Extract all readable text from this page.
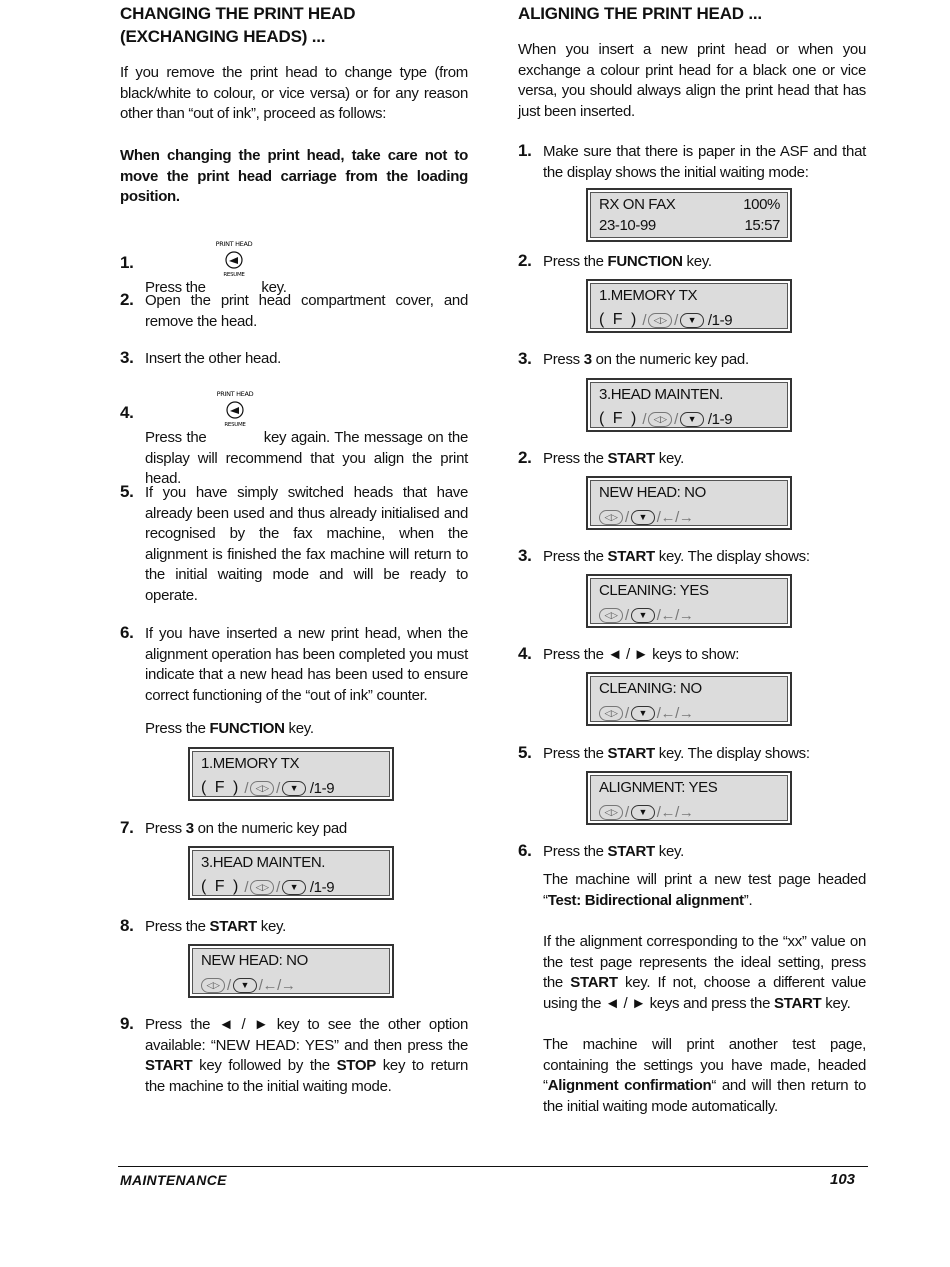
CHANGING THE PRINT HEAD (EXCHANGING HEADS) ...

If you remove the print head to change type (from black/white to colour, or vice versa) or for any reason other than “out of ink”, proceed as follows:

When changing the print head, take care not to move the print head carriage from the loading position.

1.
Press the
PRINT HEAD
RESUME
key.
2. Open the print head compartment cover, and remove the head.
3. Insert the other head.
4.
Press the
PRINT HEAD
RESUME
key again. The message on the display will recommend that you align the print head.
5. If you have simply switched heads that have already been used and thus already initialised and recognised by the fax machine, when the alignment is finished the fax machine will return to the initial waiting mode and will be ready to operate.
6. If you have inserted a new print head, when the alignment operation has been completed you must indicate that a new head has been used to ensure correct functioning of the “out of ink” counter.
Press the FUNCTION key.
1.MEMORY TX
( F ) / ◁▷ /	▼ /1-9
7. Press 3 on the numeric key pad
3.HEAD MAINTEN.
( F ) / ◁▷ /	▼ /1-9
8. Press the START key.
NEW HEAD: NO
◁▷ /	▼ /←/→
9. Press the ◄ / ► key to see the other option available: “NEW HEAD: YES” and then press the START key followed by the STOP key to return the machine to the initial waiting mode.
ALIGNING THE PRINT HEAD ...

When you insert a new print head or when you exchange a colour print head for a black one or vice versa, you should always align the print head that has just been inserted.

1. Make sure that there is paper in the ASF and that the display shows the initial waiting mode:
RX ON FAX	100%
23-10-99	15:57
2. Press the FUNCTION key.
1.MEMORY TX
( F ) / ◁▷ /	▼ /1-9
3. Press 3 on the numeric key pad.
3.HEAD MAINTEN.
( F ) / ◁▷ /	▼ /1-9
2. Press the START key.
NEW HEAD: NO
◁▷ /	▼ /←/→
3. Press the START key. The display shows:
CLEANING: YES
◁▷ /	▼ /←/→
4. Press the ◄ / ► keys to show:
CLEANING: NO
◁▷ /	▼ /←/→
5. Press the START key. The display shows:
ALIGNMENT: YES
◁▷ /	▼ /←/→
6. Press the START key.

The machine will print a new test page headed “Test: Bidirectional alignment”.

If the alignment corresponding to the “xx” value on the test page represents the ideal setting, press the START key. If not, choose a different value using the ◄ / ► keys and press the START key.

The machine will print another test page, containing the settings you have made, headed “Alignment confirmation“ and will then return to the initial waiting mode automatically.

MAINTENANCE	103
